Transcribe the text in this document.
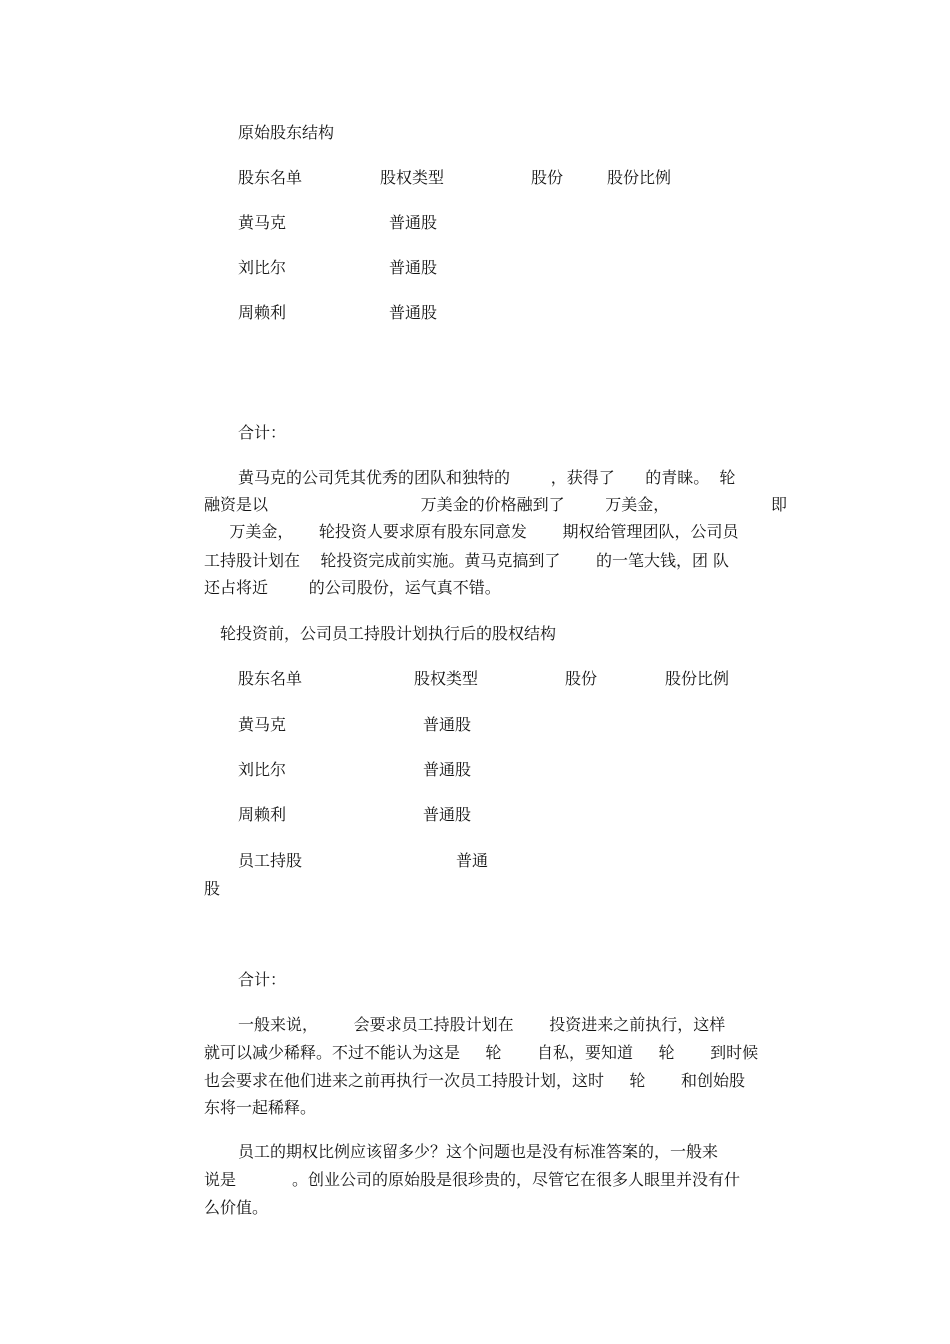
原始股东结构
股东名单	股权类型	股份	股份比例
黄马克	普通股
刘比尔	普通股
周赖利	普通股
合计：
黄马克的公司凭其优秀的团队和独特的        ，获得了      的青睐。  轮
融资是以                              万美金的价格融到了        万美金，                    即
万美金，     轮投资人要求原有股东同意发       期权给管理团队，公司员
工持股计划在    轮投资完成前实施。黄马克搞到了       的一笔大钱，团 队
还占将近        的公司股份，运气真不错。
轮投资前，公司员工持股计划执行后的股权结构
股东名单	股权类型	股份	股份比例
黄马克	普通股
刘比尔	普通股
周赖利	普通股
员工持股	普通
股
合计：
一般来说，       会要求员工持股计划在       投资进来之前执行，这样
就可以减少稀释。不过不能认为这是     轮       自私，要知道     轮       到时候
也会要求在他们进来之前再执行一次员工持股计划，这时     轮       和创始股
东将一起稀释。
员工的期权比例应该留多少？这个问题也是没有标准答案的，一般来
说是           。创业公司的原始股是很珍贵的，尽管它在很多人眼里并没有什
么价值。
